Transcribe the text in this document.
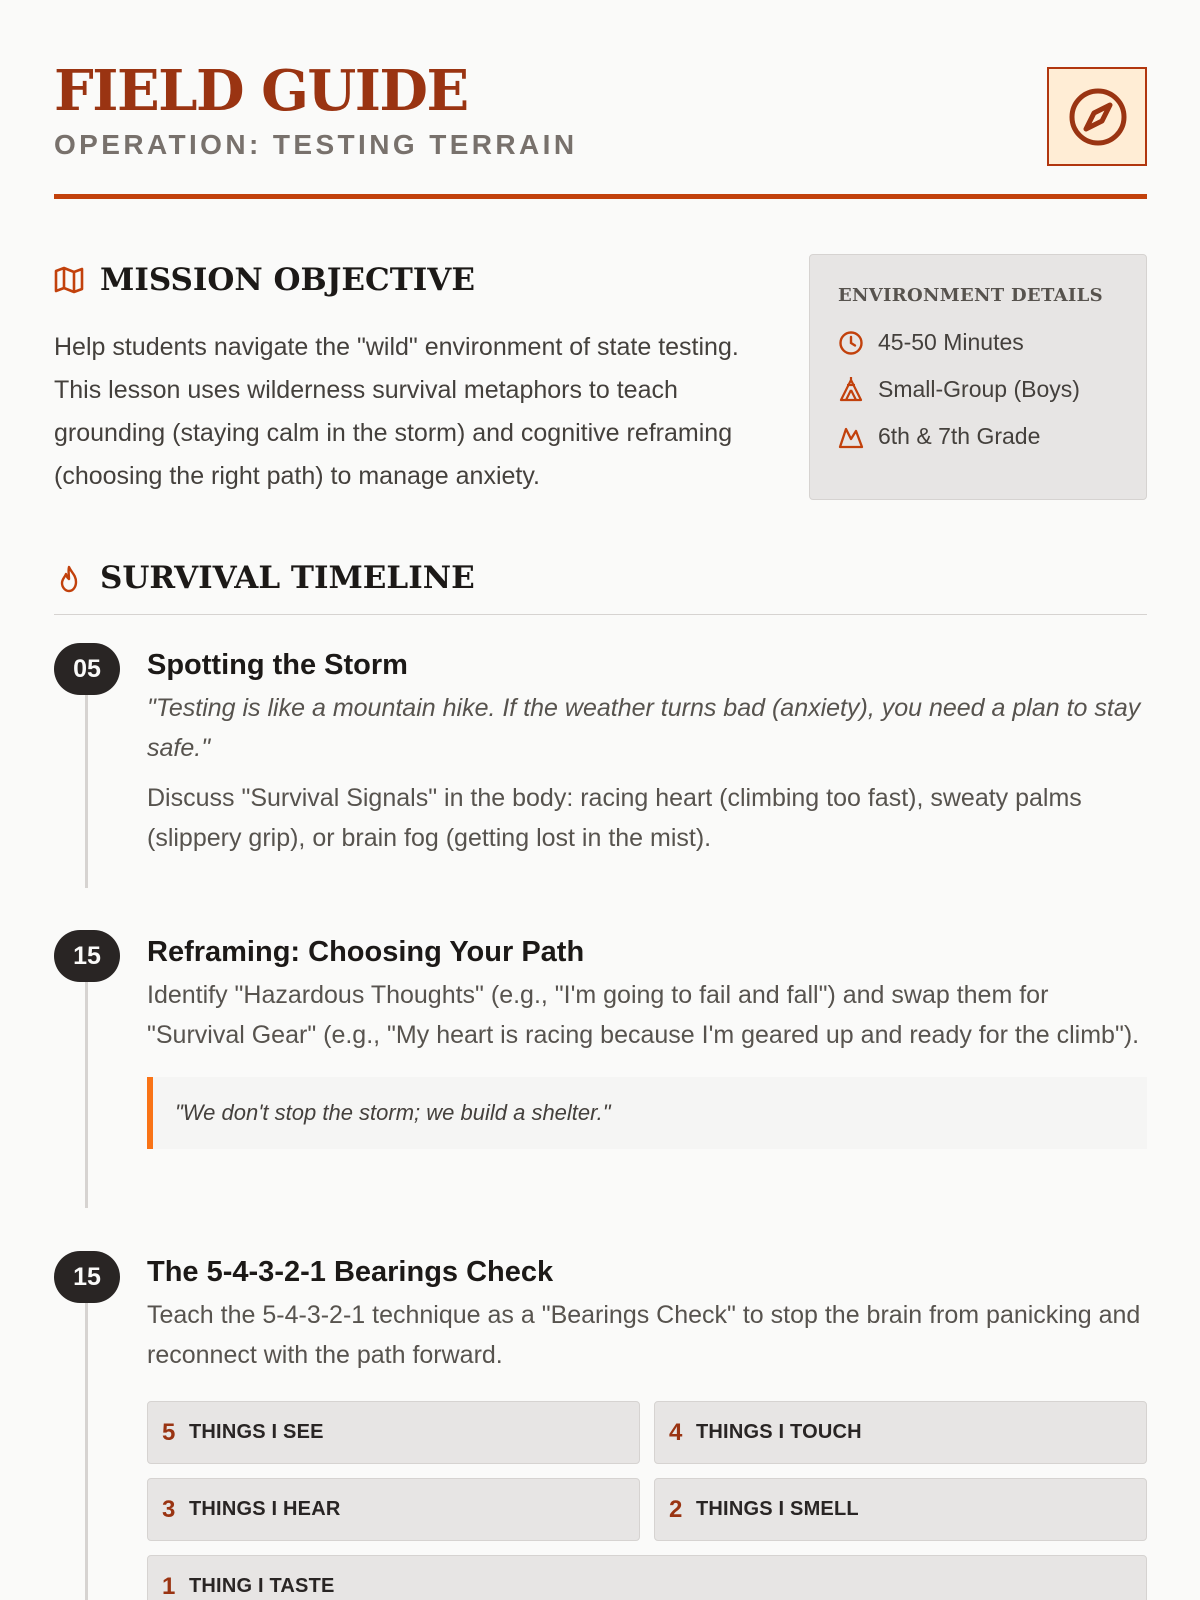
FIELD GUIDE
OPERATION: TESTING TERRAIN
MISSION OBJECTIVE
Help students navigate the "wild" environment of state testing. This lesson uses wilderness survival metaphors to teach grounding (staying calm in the storm) and cognitive reframing (choosing the right path) to manage anxiety.
ENVIRONMENT DETAILS
45-50 Minutes
Small-Group (Boys)
6th & 7th Grade
SURVIVAL TIMELINE
05	Spotting the Storm
"Testing is like a mountain hike. If the weather turns bad (anxiety), you need a plan to stay safe."
Discuss "Survival Signals" in the body: racing heart (climbing too fast), sweaty palms (slippery grip), or brain fog (getting lost in the mist).
15	Reframing: Choosing Your Path
Identify "Hazardous Thoughts" (e.g., "I'm going to fail and fall") and swap them for "Survival Gear" (e.g., "My heart is racing because I'm geared up and ready for the climb").
"We don't stop the storm; we build a shelter."
15	The 5-4-3-2-1 Bearings Check
Teach the 5-4-3-2-1 technique as a "Bearings Check" to stop the brain from panicking and reconnect with the path forward.
5 THINGS I SEE	4 THINGS I TOUCH
3 THINGS I HEAR	2 THINGS I SMELL
1 THING I TASTE
